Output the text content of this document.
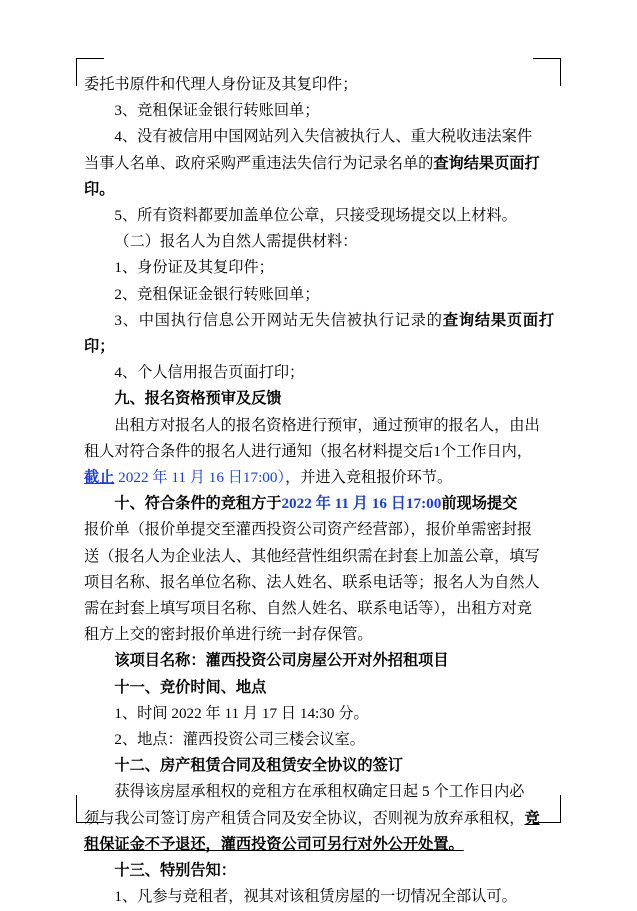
委托书原件和代理人身份证及其复印件；

3、竞租保证金银行转账回单；

4、没有被信用中国网站列入失信被执行人、重大税收违法案件

当事人名单、政府采购严重违法失信行为记录名单的查询结果页面打

印。

5、所有资料都要加盖单位公章，只接受现场提交以上材料。

（二）报名人为自然人需提供材料：

1、身份证及其复印件；

2、竞租保证金银行转账回单；

3、中国执行信息公开网站无失信被执行记录的查询结果页面打印；

4、个人信用报告页面打印；

九、报名资格预审及反馈

出租方对报名人的报名资格进行预审，通过预审的报名人，由出

租人对符合条件的报名人进行通知（报名材料提交后1个工作日内，

截止 2022 年 11 月 16 日17:00），并进入竞租报价环节。

十、符合条件的竞租方于2022 年 11 月 16 日17:00前现场提交

报价单（报价单提交至灌西投资公司资产经营部），报价单需密封报

送（报名人为企业法人、其他经营性组织需在封套上加盖公章，填写

项目名称、报名单位名称、法人姓名、联系电话等；报名人为自然人

需在封套上填写项目名称、自然人姓名、联系电话等），出租方对竞

租方上交的密封报价单进行统一封存保管。

该项目名称：灌西投资公司房屋公开对外招租项目

十一、竞价时间、地点

1、时间 2022 年 11 月 17 日 14:30 分。

2、地点：灌西投资公司三楼会议室。

十二、房产租赁合同及租赁安全协议的签订

获得该房屋承租权的竞租方在承租权确定日起 5 个工作日内必

须与我公司签订房产租赁合同及安全协议，否则视为放弃承租权，竞

租保证金不予退还，灌西投资公司可另行对外公开处置。

十三、特别告知：

1、凡参与竞租者，视其对该租赁房屋的一切情况全部认可。
